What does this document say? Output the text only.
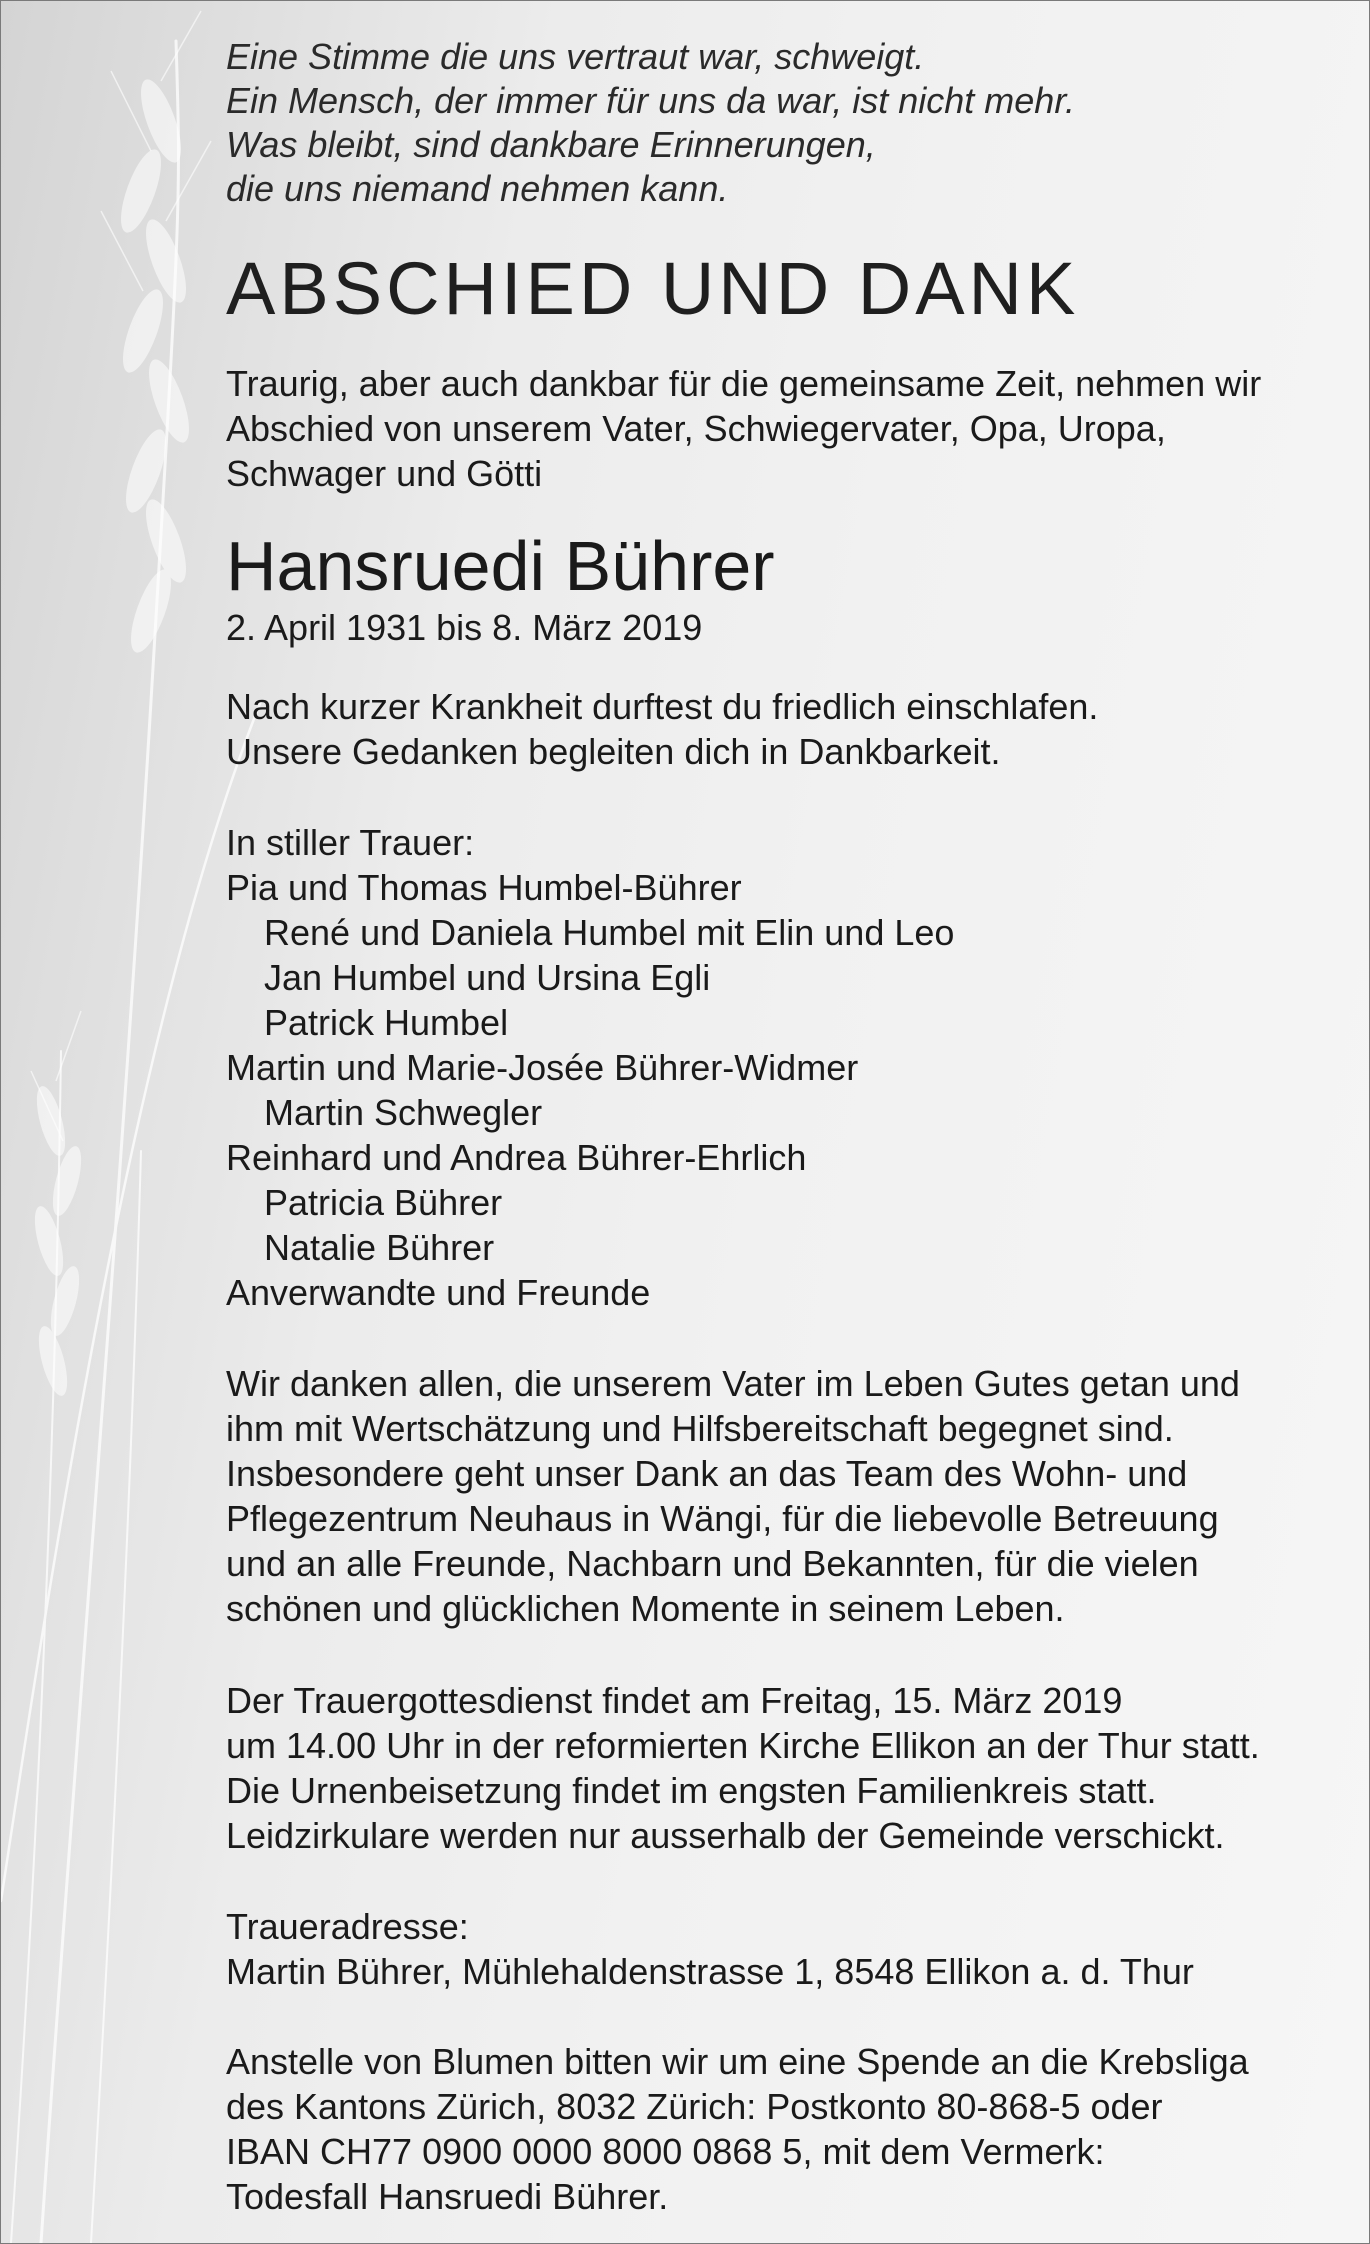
Eine Stimme die uns vertraut war, schweigt.
Ein Mensch, der immer für uns da war, ist nicht mehr.
Was bleibt, sind dankbare Erinnerungen,
die uns niemand nehmen kann.
ABSCHIED UND DANK
Traurig, aber auch dankbar für die gemeinsame Zeit, nehmen wir
Abschied von unserem Vater, Schwiegervater, Opa, Uropa,
Schwager und Götti
Hansruedi Bührer
2. April 1931 bis 8. März 2019
Nach kurzer Krankheit durftest du friedlich einschlafen.
Unsere Gedanken begleiten dich in Dankbarkeit.
In stiller Trauer:
Pia und Thomas Humbel-Bührer
René und Daniela Humbel mit Elin und Leo
Jan Humbel und Ursina Egli
Patrick Humbel
Martin und Marie-Josée Bührer-Widmer
Martin Schwegler
Reinhard und Andrea Bührer-Ehrlich
Patricia Bührer
Natalie Bührer
Anverwandte und Freunde
Wir danken allen, die unserem Vater im Leben Gutes getan und
ihm mit Wertschätzung und Hilfsbereitschaft begegnet sind.
Insbesondere geht unser Dank an das Team des Wohn- und
Pflegezentrum Neuhaus in Wängi, für die liebevolle Betreuung
und an alle Freunde, Nachbarn und Bekannten, für die vielen
schönen und glücklichen Momente in seinem Leben.
Der Trauergottesdienst findet am Freitag, 15. März 2019
um 14.00 Uhr in der reformierten Kirche Ellikon an der Thur statt.
Die Urnenbeisetzung findet im engsten Familienkreis statt.
Leidzirkulare werden nur ausserhalb der Gemeinde verschickt.
Traueradresse:
Martin Bührer, Mühlehaldenstrasse 1, 8548 Ellikon a. d. Thur
Anstelle von Blumen bitten wir um eine Spende an die Krebsliga
des Kantons Zürich, 8032 Zürich: Postkonto 80-868-5 oder
IBAN CH77 0900 0000 8000 0868 5, mit dem Vermerk:
Todesfall Hansruedi Bührer.
